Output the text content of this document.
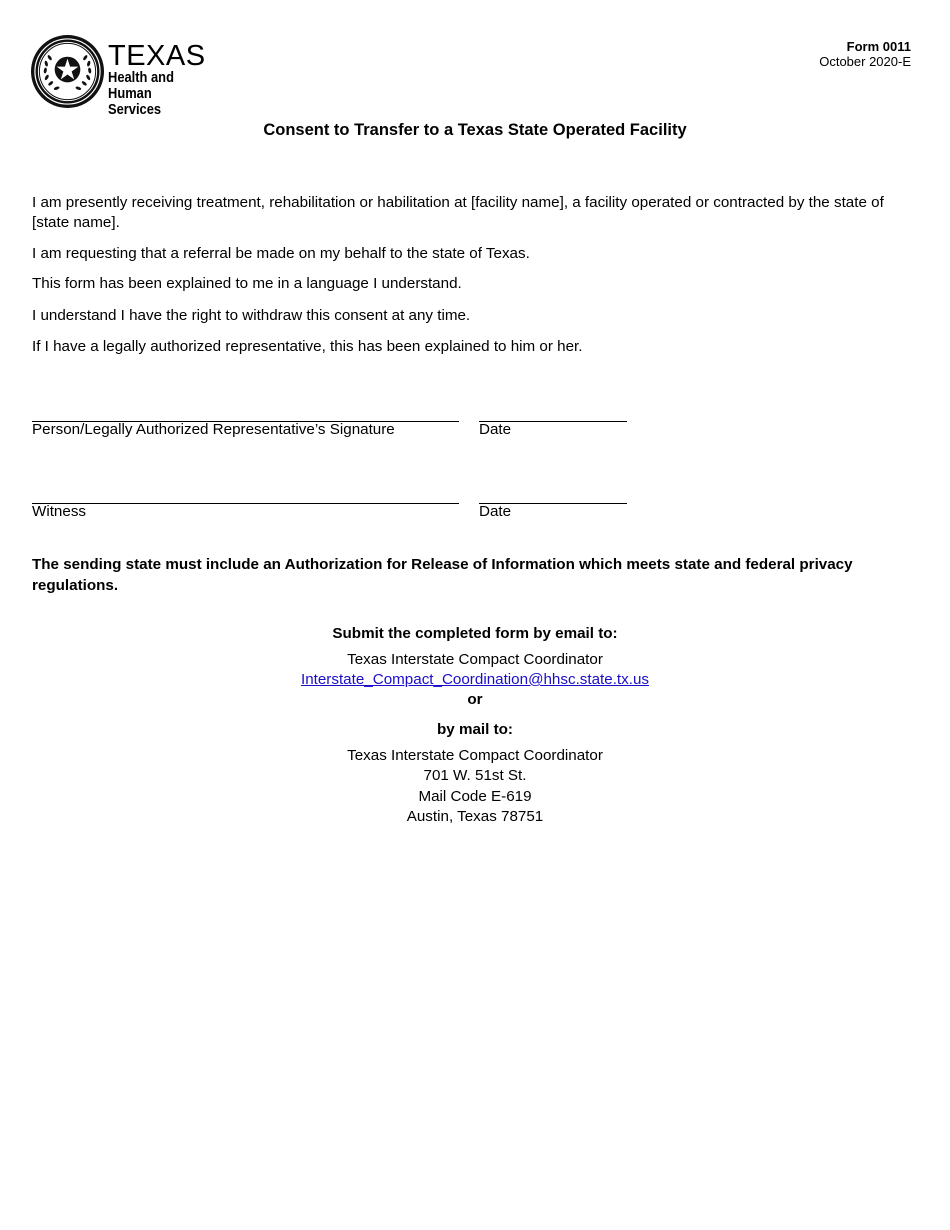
TEXAS
Health and Human
Services
Form 0011
October 2020-E
Consent to Transfer to a Texas State Operated Facility
I am presently receiving treatment, rehabilitation or habilitation at [facility name], a facility operated or contracted by the state of [state name].
I am requesting that a referral be made on my behalf to the state of Texas.
This form has been explained to me in a language I understand.
I understand I have the right to withdraw this consent at any time.
If I have a legally authorized representative, this has been explained to him or her.
Person/Legally Authorized Representative’s Signature	Date
Witness	Date
The sending state must include an Authorization for Release of Information which meets state and federal privacy regulations.
Submit the completed form by email to:
Texas Interstate Compact Coordinator
Interstate_Compact_Coordination@hhsc.state.tx.us
or
by mail to:
Texas Interstate Compact Coordinator
701 W. 51st St.
Mail Code E-619
Austin, Texas 78751
